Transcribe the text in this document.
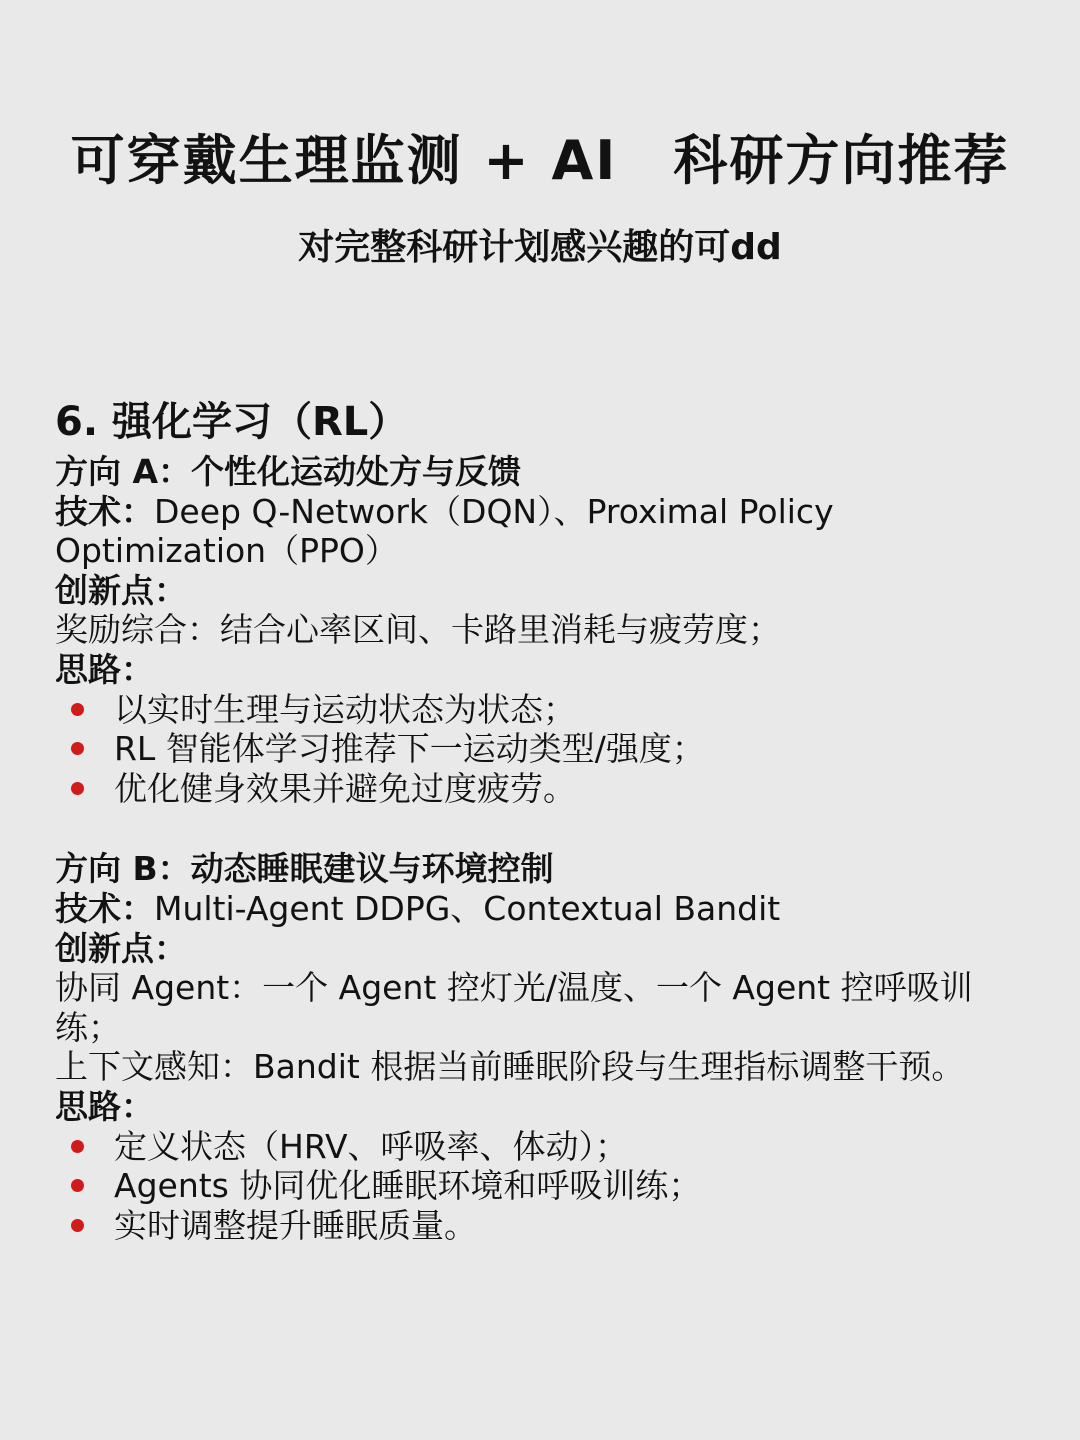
可穿戴生理监测 + AI　科研方向推荐
对完整科研计划感兴趣的可dd
6. 强化学习（RL）
方向 A：个性化运动处方与反馈
技术：Deep Q-Network（DQN）、Proximal Policy Optimization（PPO）
创新点：
奖励综合：结合心率区间、卡路里消耗与疲劳度；
思路：
以实时生理与运动状态为状态；
RL 智能体学习推荐下一运动类型/强度；
优化健身效果并避免过度疲劳。
方向 B：动态睡眠建议与环境控制
技术：Multi-Agent DDPG、Contextual Bandit
创新点：
协同 Agent：一个 Agent 控灯光/温度、一个 Agent 控呼吸训练；
上下文感知：Bandit 根据当前睡眠阶段与生理指标调整干预。
思路：
定义状态（HRV、呼吸率、体动）；
Agents 协同优化睡眠环境和呼吸训练；
实时调整提升睡眠质量。
